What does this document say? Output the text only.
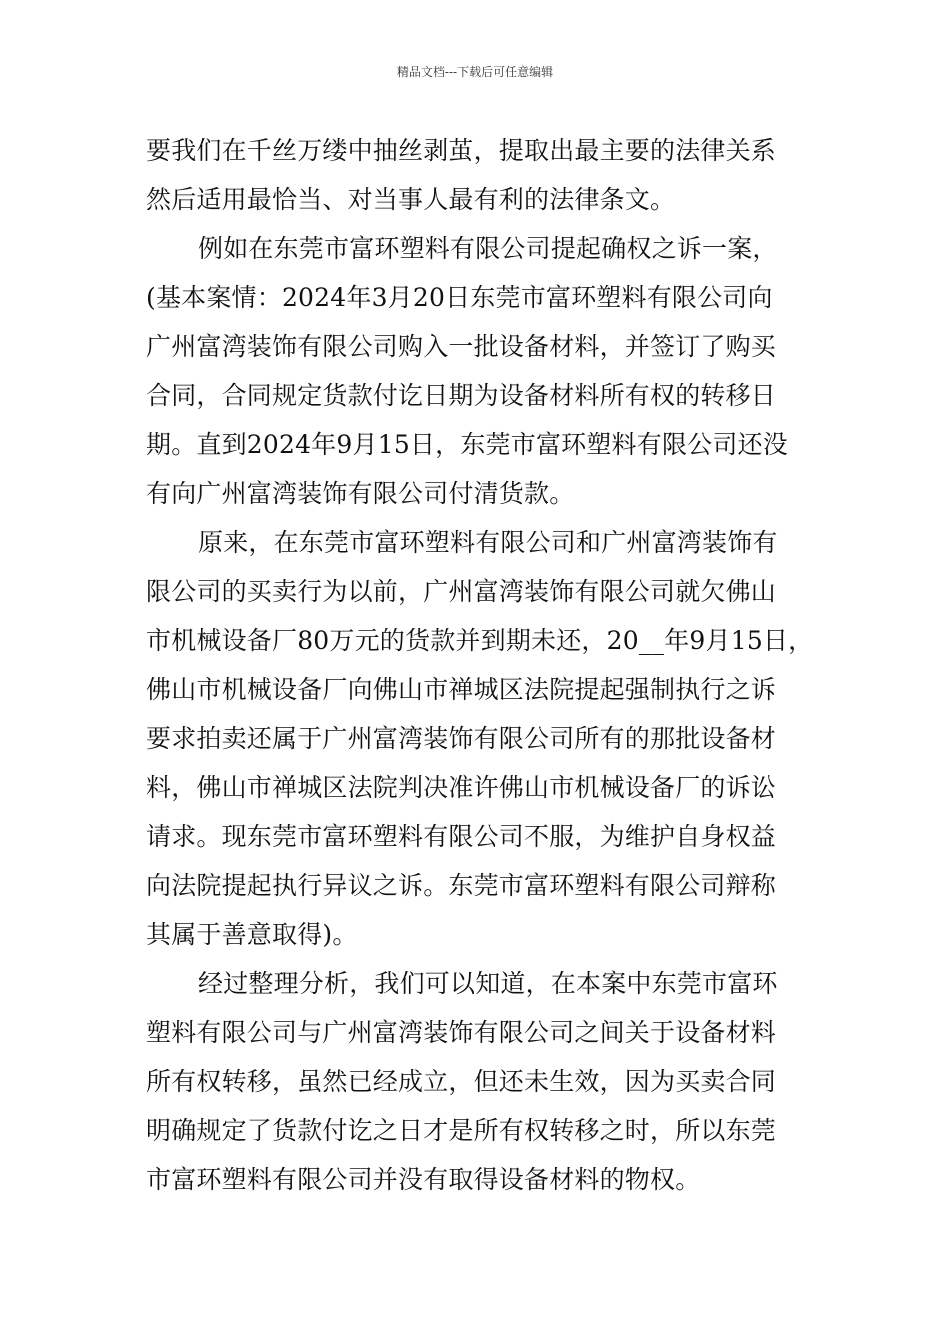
精品文档---下载后可任意编辑
要我们在千丝万缕中抽丝剥茧，提取出最主要的法律关系
然后适用最恰当、对当事人最有利的法律条文。
例如在东莞市富环塑料有限公司提起确权之诉一案，
(基本案情：2024年3月20日东莞市富环塑料有限公司向
广州富湾装饰有限公司购入一批设备材料，并签订了购买
合同，合同规定货款付讫日期为设备材料所有权的转移日
期。直到2024年9月15日，东莞市富环塑料有限公司还没
有向广州富湾装饰有限公司付清货款。
原来，在东莞市富环塑料有限公司和广州富湾装饰有
限公司的买卖行为以前，广州富湾装饰有限公司就欠佛山
市机械设备厂80万元的货款并到期未还，20__年9月15日，
佛山市机械设备厂向佛山市禅城区法院提起强制执行之诉
要求拍卖还属于广州富湾装饰有限公司所有的那批设备材
料，佛山市禅城区法院判决准许佛山市机械设备厂的诉讼
请求。现东莞市富环塑料有限公司不服，为维护自身权益
向法院提起执行异议之诉。东莞市富环塑料有限公司辩称
其属于善意取得)。
经过整理分析，我们可以知道，在本案中东莞市富环
塑料有限公司与广州富湾装饰有限公司之间关于设备材料
所有权转移，虽然已经成立，但还未生效，因为买卖合同
明确规定了货款付讫之日才是所有权转移之时，所以东莞
市富环塑料有限公司并没有取得设备材料的物权。
